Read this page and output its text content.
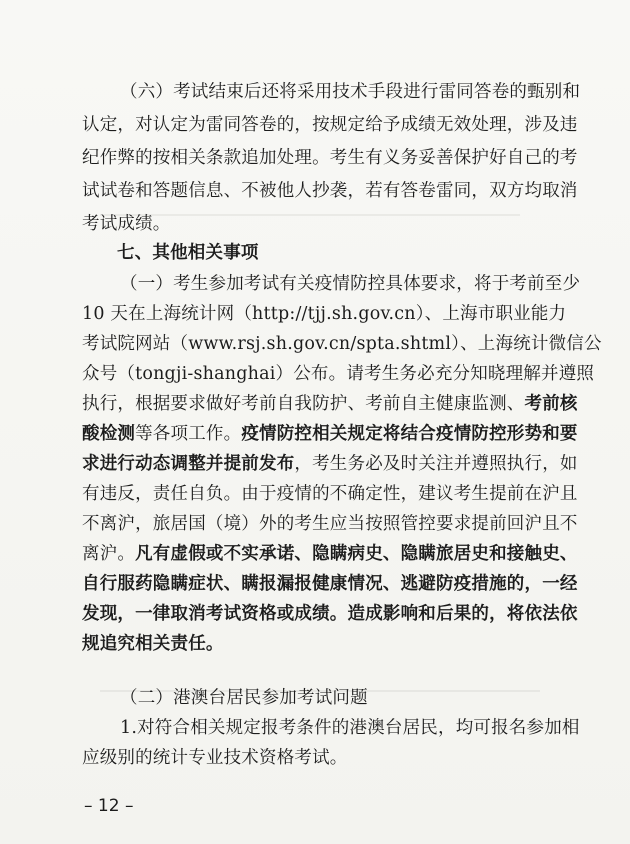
（六）考试结束后还将采用技术手段进行雷同答卷的甄别和
认定，对认定为雷同答卷的，按规定给予成绩无效处理，涉及违
纪作弊的按相关条款追加处理。考生有义务妥善保护好自己的考
试试卷和答题信息、不被他人抄袭，若有答卷雷同，双方均取消
考试成绩。
七、其他相关事项
（一）考生参加考试有关疫情防控具体要求，将于考前至少
10 天在上海统计网（http://tjj.sh.gov.cn）、上海市职业能力
考试院网站（www.rsj.sh.gov.cn/spta.shtml）、上海统计微信公
众号（tongji-shanghai）公布。请考生务必充分知晓理解并遵照
执行，根据要求做好考前自我防护、考前自主健康监测、考前核
酸检测等各项工作。疫情防控相关规定将结合疫情防控形势和要
求进行动态调整并提前发布，考生务必及时关注并遵照执行，如
有违反，责任自负。由于疫情的不确定性，建议考生提前在沪且
不离沪，旅居国（境）外的考生应当按照管控要求提前回沪且不
离沪。凡有虚假或不实承诺、隐瞒病史、隐瞒旅居史和接触史、
自行服药隐瞒症状、瞒报漏报健康情况、逃避防疫措施的，一经
发现，一律取消考试资格或成绩。造成影响和后果的，将依法依
规追究相关责任。
（二）港澳台居民参加考试问题
1.对符合相关规定报考条件的港澳台居民，均可报名参加相
– 12 –
应级别的统计专业技术资格考试。
